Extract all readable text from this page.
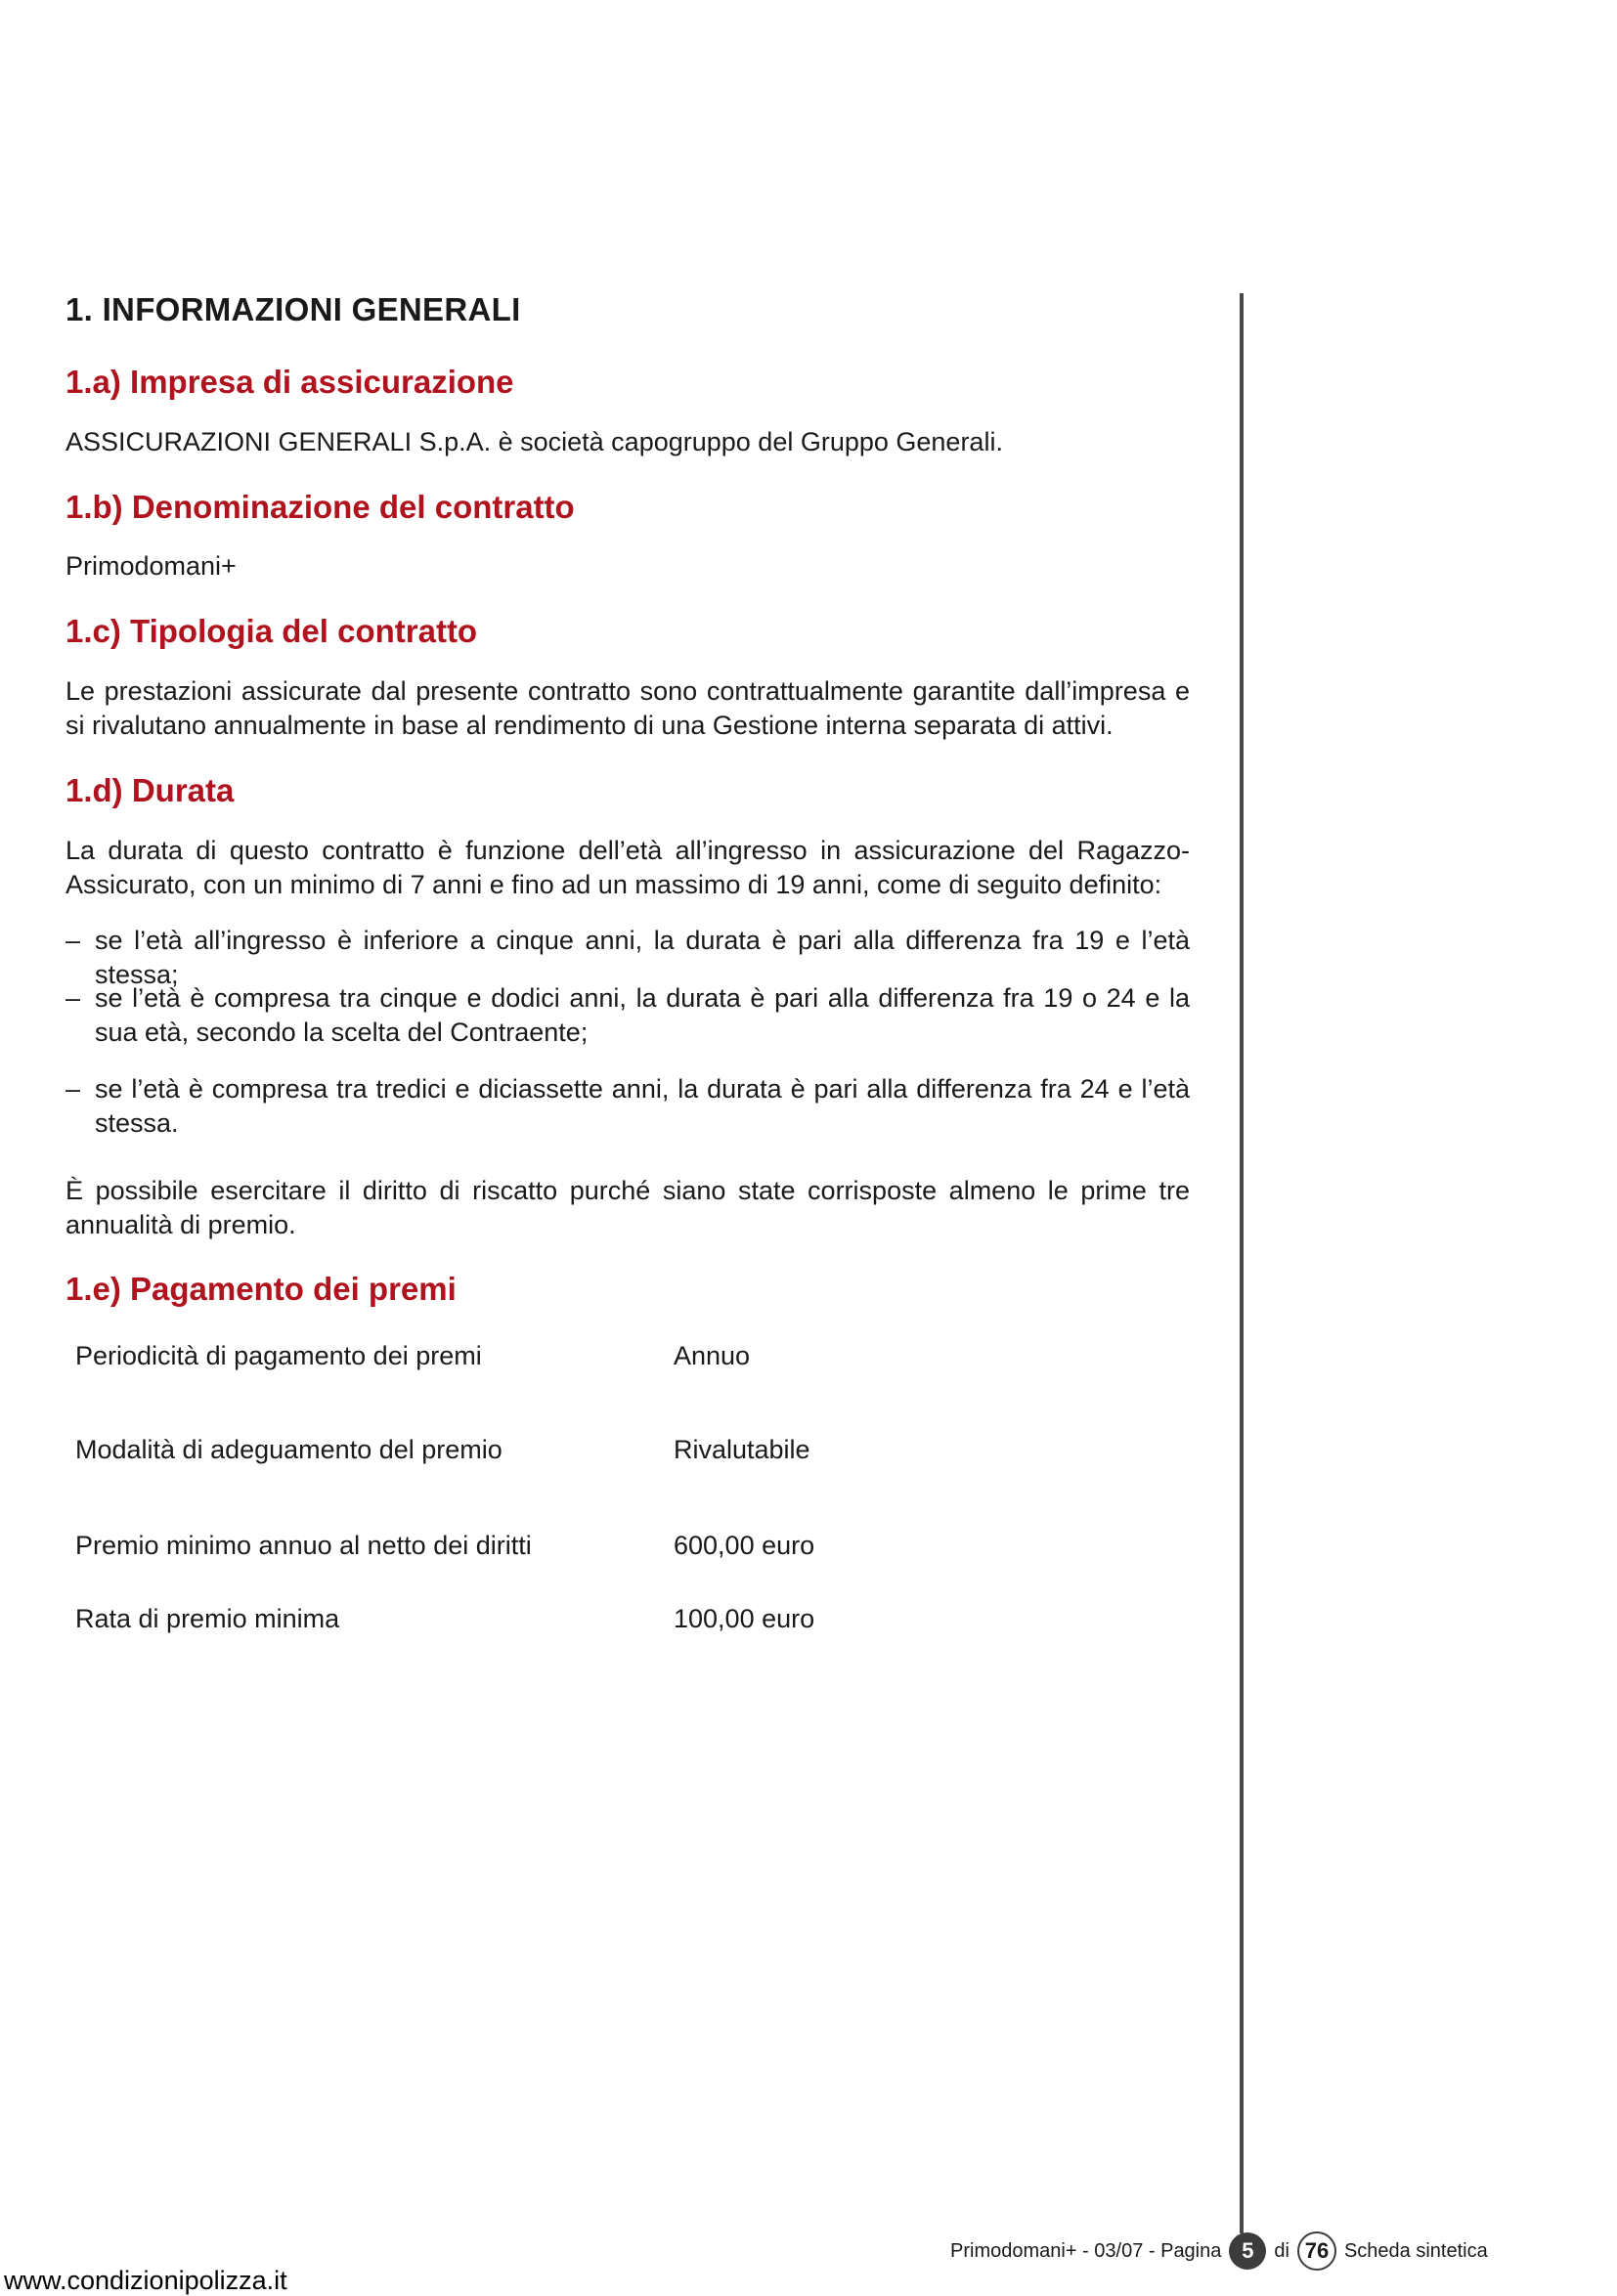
1. INFORMAZIONI GENERALI
1.a) Impresa di assicurazione
ASSICURAZIONI GENERALI S.p.A. è società capogruppo del Gruppo Generali.
1.b) Denominazione del contratto
Primodomani+
1.c) Tipologia del contratto
Le prestazioni assicurate dal presente contratto sono contrattualmente garantite dall’impresa e si rivalutano annualmente in base al rendimento di una Gestione interna separata di attivi.
1.d) Durata
La durata di questo contratto è funzione dell’età all’ingresso in assicurazione del Ragazzo-Assicurato, con un minimo di 7 anni e fino ad un massimo di 19 anni, come di seguito definito:
– se l’età all’ingresso è inferiore a cinque anni, la durata è pari alla differenza fra 19 e l’età stessa;
– se l’età è compresa tra cinque e dodici anni, la durata è pari alla differenza fra 19 o 24 e la sua età, secondo la scelta del Contraente;
– se l’età è compresa tra tredici e diciassette anni, la durata è pari alla differenza fra 24 e l’età stessa.
È possibile esercitare il diritto di riscatto purché siano state corrisposte almeno le prime tre annualità di premio.
1.e) Pagamento dei premi
Periodicità di pagamento dei premi	Annuo
Modalità di adeguamento del premio	Rivalutabile
Premio minimo annuo al netto dei diritti	600,00 euro
Rata di premio minima	100,00 euro
Primodomani+ - 03/07 - Pagina 5	di 76 Scheda sintetica
www.condizionipolizza.it
